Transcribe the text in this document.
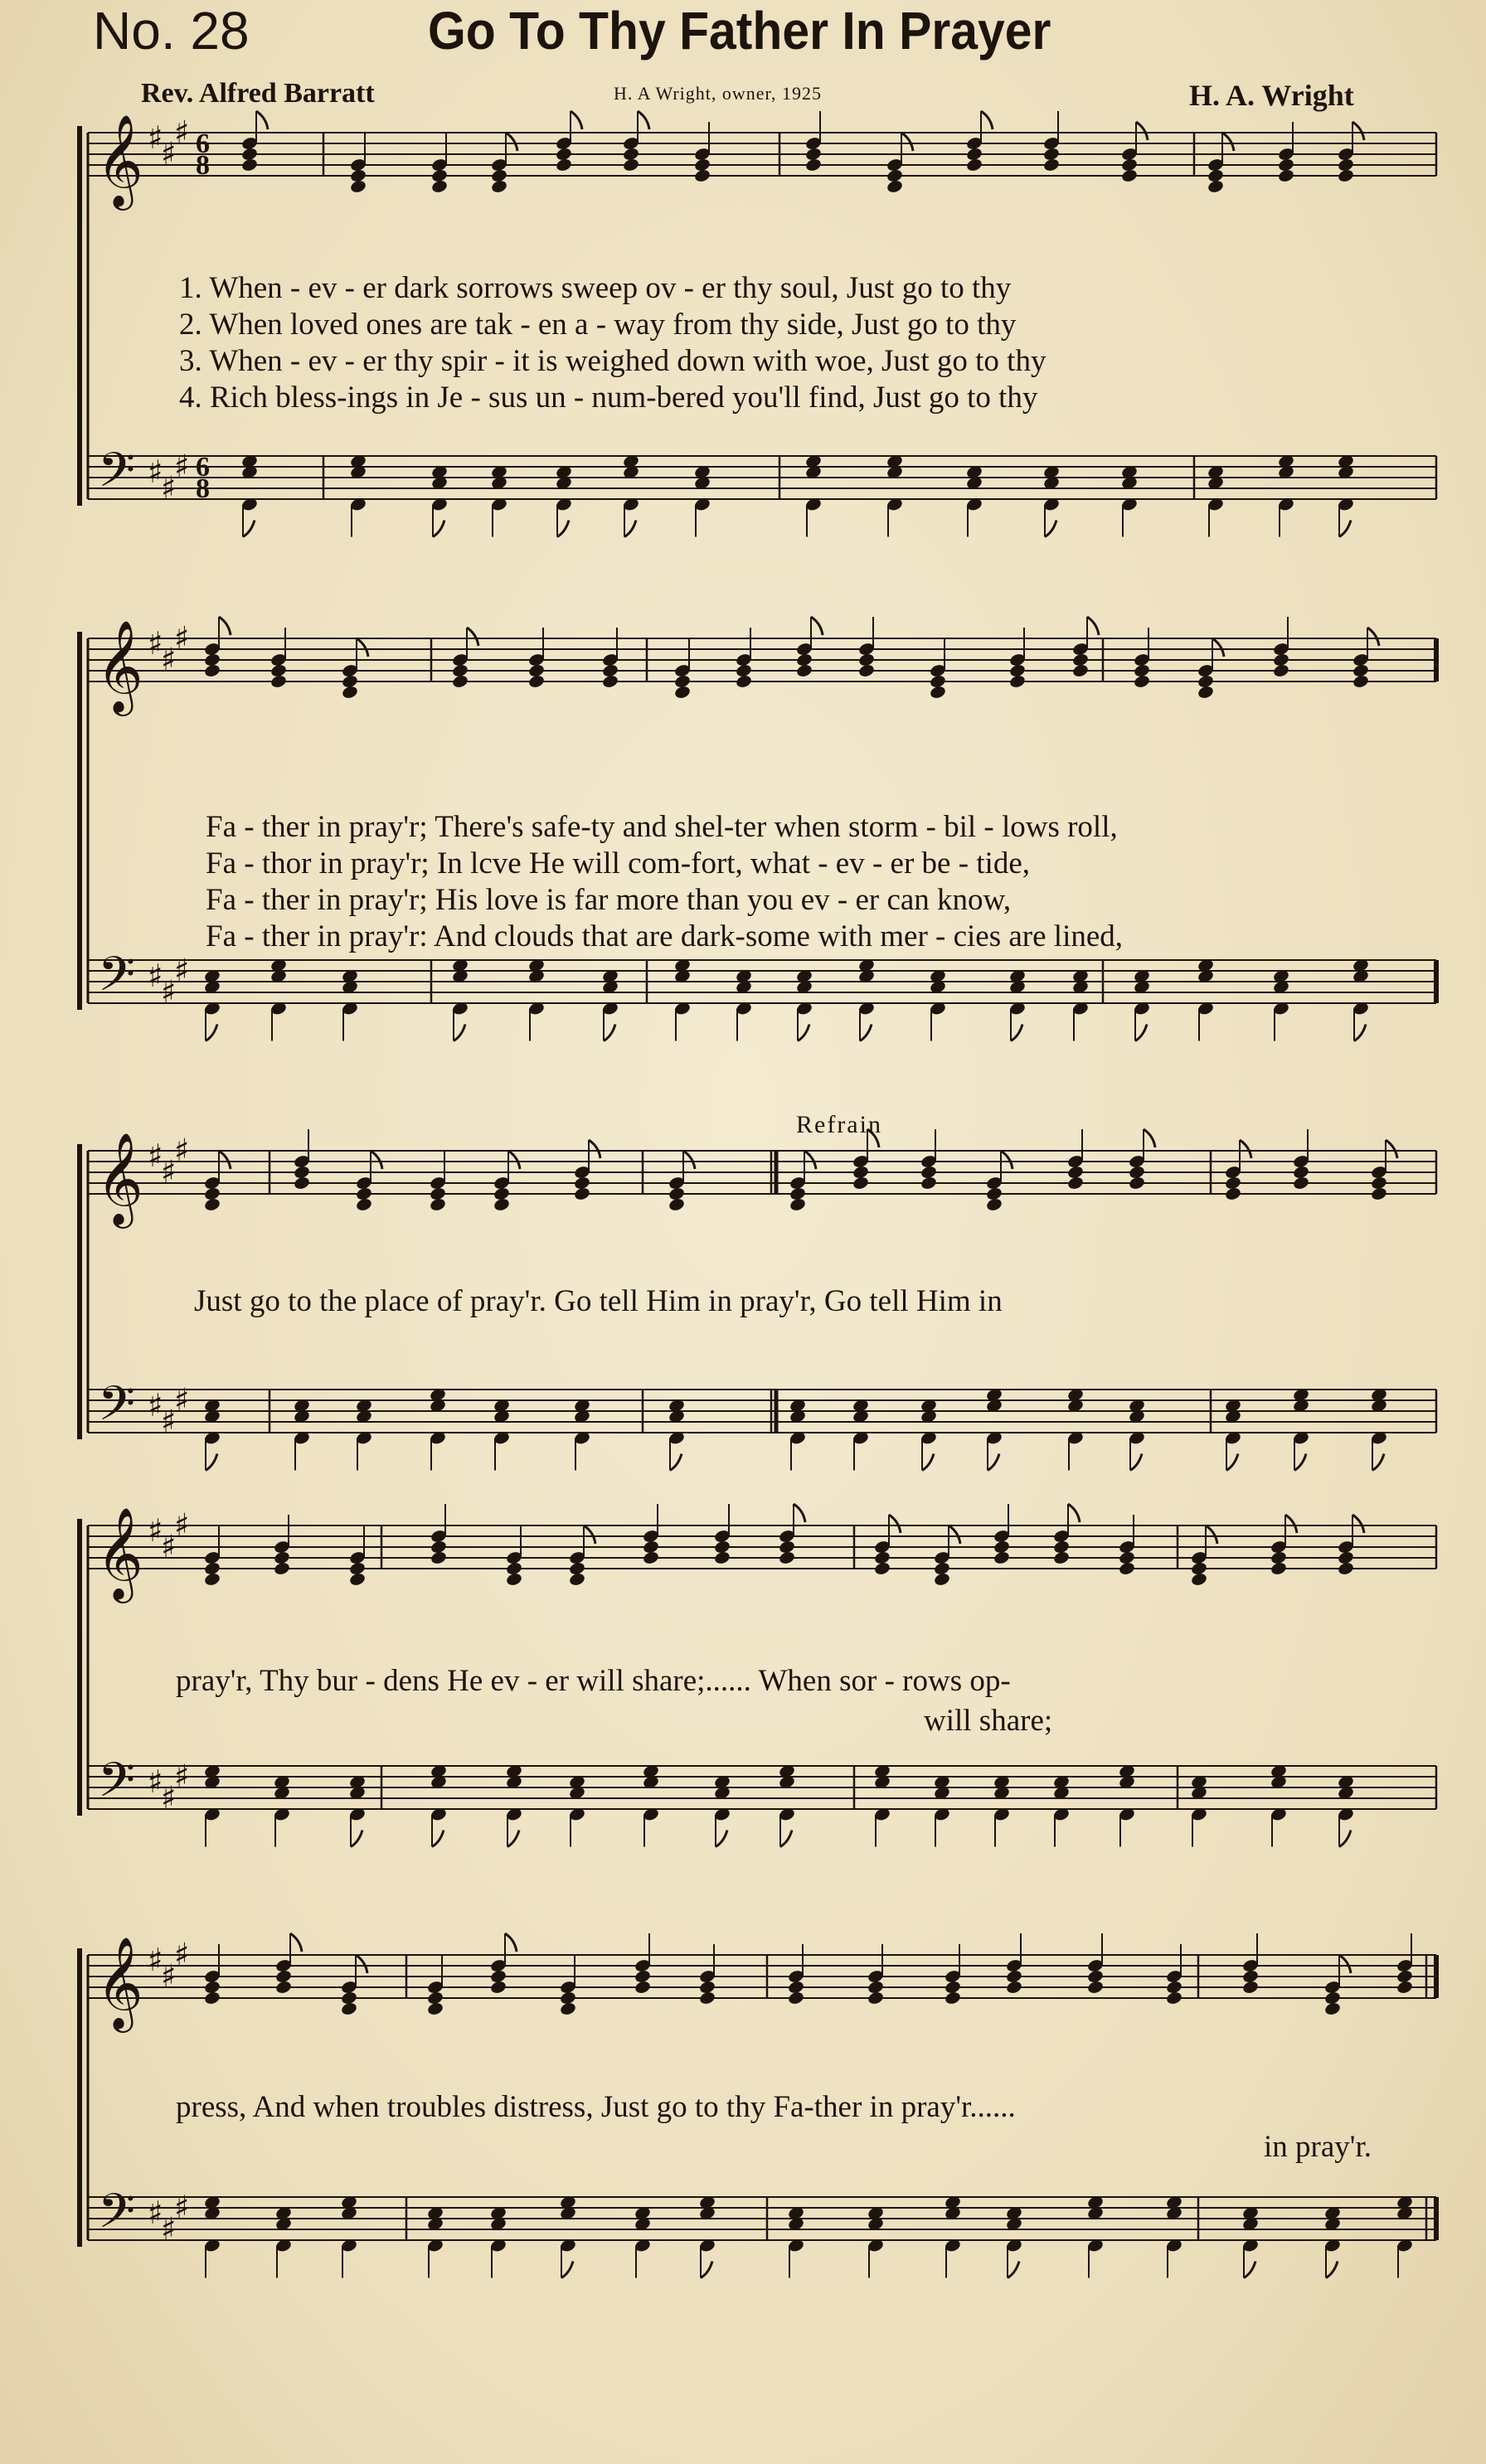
No. 28	Go To Thy Father In Prayer
Rev. Alfred Barratt	H. A Wright, owner, 1925	H. A. Wright
𝄞
𝄢
♯
♯
♯
♯
♯
♯
6
8
6
8
𝄞
𝄢
♯
♯
♯
♯
♯
♯
𝄞
𝄢
♯
♯
♯
♯
♯
♯
𝄞
𝄢
♯
♯
♯
♯
♯
♯
𝄞
𝄢
♯
♯
♯
♯
♯
♯
1. When - ev - er dark sorrows sweep ov - er thy soul, Just go to thy
2. When loved ones are tak - en a - way from thy side, Just go to thy
3. When - ev - er thy spir - it is weighed down with woe, Just go to thy
4. Rich bless-ings in Je - sus un - num-bered you'll find, Just go to thy
Fa - ther in pray'r; There's safe-ty and shel-ter when storm - bil - lows roll,
Fa - thor in pray'r; In lcve He will com-fort, what - ev - er be - tide,
Fa - ther in pray'r; His love is far more than you ev - er can know,
Fa - ther in pray'r: And clouds that are dark-some with mer - cies are lined,
Refrain
Just go to the place of pray'r. Go tell Him in pray'r, Go tell Him in
pray'r, Thy bur - dens He ev - er will share;...... When sor - rows op-
will share;
press, And when troubles distress, Just go to thy Fa-ther in pray'r......
in pray'r.
